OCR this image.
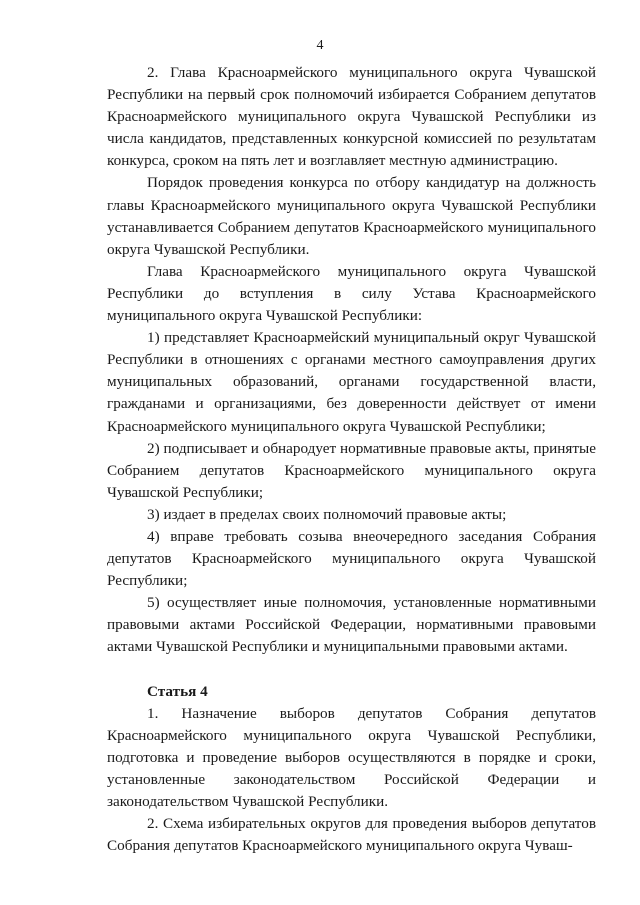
4

2. Глава Красноармейского муниципального округа Чувашской Республики на первый срок полномочий избирается Собранием депутатов Красноармейского муниципального округа Чувашской Республики из числа кандидатов, представленных конкурсной комиссией по результатам конкурса, сроком на пять лет и возглавляет местную администрацию.

Порядок проведения конкурса по отбору кандидатур на должность главы Красноармейского муниципального округа Чувашской Республики устанавливается Собранием депутатов Красноармейского муниципального округа Чувашской Республики.

Глава Красноармейского муниципального округа Чувашской Республики до вступления в силу Устава Красноармейского муниципального округа Чувашской Республики:

1) представляет Красноармейский муниципальный округ Чувашской Республики в отношениях с органами местного самоуправления других муниципальных образований, органами государственной власти, гражданами и организациями, без доверенности действует от имени Красноармейского муниципального округа Чувашской Республики;

2) подписывает и обнародует нормативные правовые акты, принятые Собранием депутатов Красноармейского муниципального округа Чувашской Республики;

3) издает в пределах своих полномочий правовые акты;

4) вправе требовать созыва внеочередного заседания Собрания депутатов Красноармейского муниципального округа Чувашской Республики;

5) осуществляет иные полномочия, установленные нормативными правовыми актами Российской Федерации, нормативными правовыми актами Чувашской Республики и муниципальными правовыми актами.

Статья 4

1. Назначение выборов депутатов Собрания депутатов Красноармейского муниципального округа Чувашской Республики, подготовка и проведение выборов осуществляются в порядке и сроки, установленные законодательством Российской Федерации и законодательством Чувашской Республики.

2. Схема избирательных округов для проведения выборов депутатов Собрания депутатов Красноармейского муниципального округа Чуваш-
